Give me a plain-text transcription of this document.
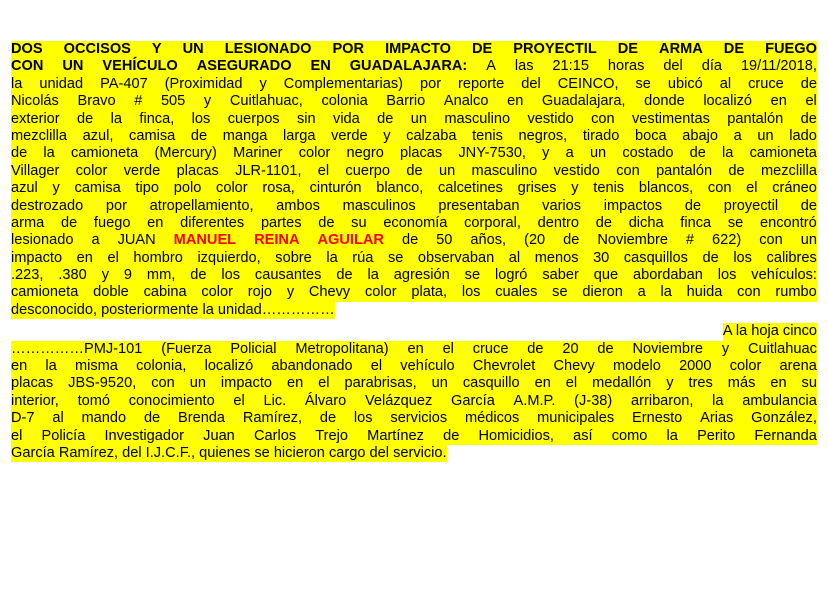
DOS OCCISOS Y UN LESIONADO POR IMPACTO DE PROYECTIL DE ARMA DE FUEGO
CON UN VEHÍCULO ASEGURADO EN GUADALAJARA: A las 21:15 horas del día 19/11/2018,
la unidad PA-407 (Proximidad y Complementarias) por reporte del CEINCO, se ubicó al cruce de
Nicolás Bravo # 505 y Cuitlahuac, colonia Barrio Analco en Guadalajara, donde localizó en el
exterior de la finca, los cuerpos sin vida de un masculino vestido con vestimentas pantalón de
mezclilla azul, camisa de manga larga verde y calzaba tenis negros, tirado boca abajo a un lado
de la camioneta (Mercury) Mariner color negro placas JNY-7530, y a un costado de la camioneta
Villager color verde placas JLR-1101, el cuerpo de un masculino vestido con pantalón de mezclilla
azul y camisa tipo polo color rosa, cinturón blanco, calcetines grises y tenis blancos, con el cráneo
destrozado por atropellamiento, ambos masculinos presentaban varios impactos de proyectil de
arma de fuego en diferentes partes de su economía corporal, dentro de dicha finca se encontró
lesionado a JUAN MANUEL REINA AGUILAR de 50 años, (20 de Noviembre # 622) con un
impacto en el hombro izquierdo, sobre la rúa se observaban al menos 30 casquillos de los calibres
.223, .380 y 9 mm, de los causantes de la agresión se logró saber que abordaban los vehículos:
camioneta doble cabina color rojo y Chevy color plata, los cuales se dieron a la huida con rumbo
desconocido, posteriormente la unidad……………
A la hoja cinco
……………PMJ-101 (Fuerza Policial Metropolitana) en el cruce de 20 de Noviembre y Cuitlahuac
en la misma colonia, localizó abandonado el vehículo Chevrolet Chevy modelo 2000 color arena
placas JBS-9520, con un impacto en el parabrisas, un casquillo en el medallón y tres más en su
interior, tomó conocimiento el Lic. Álvaro Velázquez García A.M.P. (J-38) arribaron, la ambulancia
D-7 al mando de Brenda Ramírez, de los servicios médicos municipales Ernesto Arias González,
el Policía Investigador Juan Carlos Trejo Martínez de Homicidios, así como la Perito Fernanda
García Ramírez, del I.J.C.F., quienes se hicieron cargo del servicio.
